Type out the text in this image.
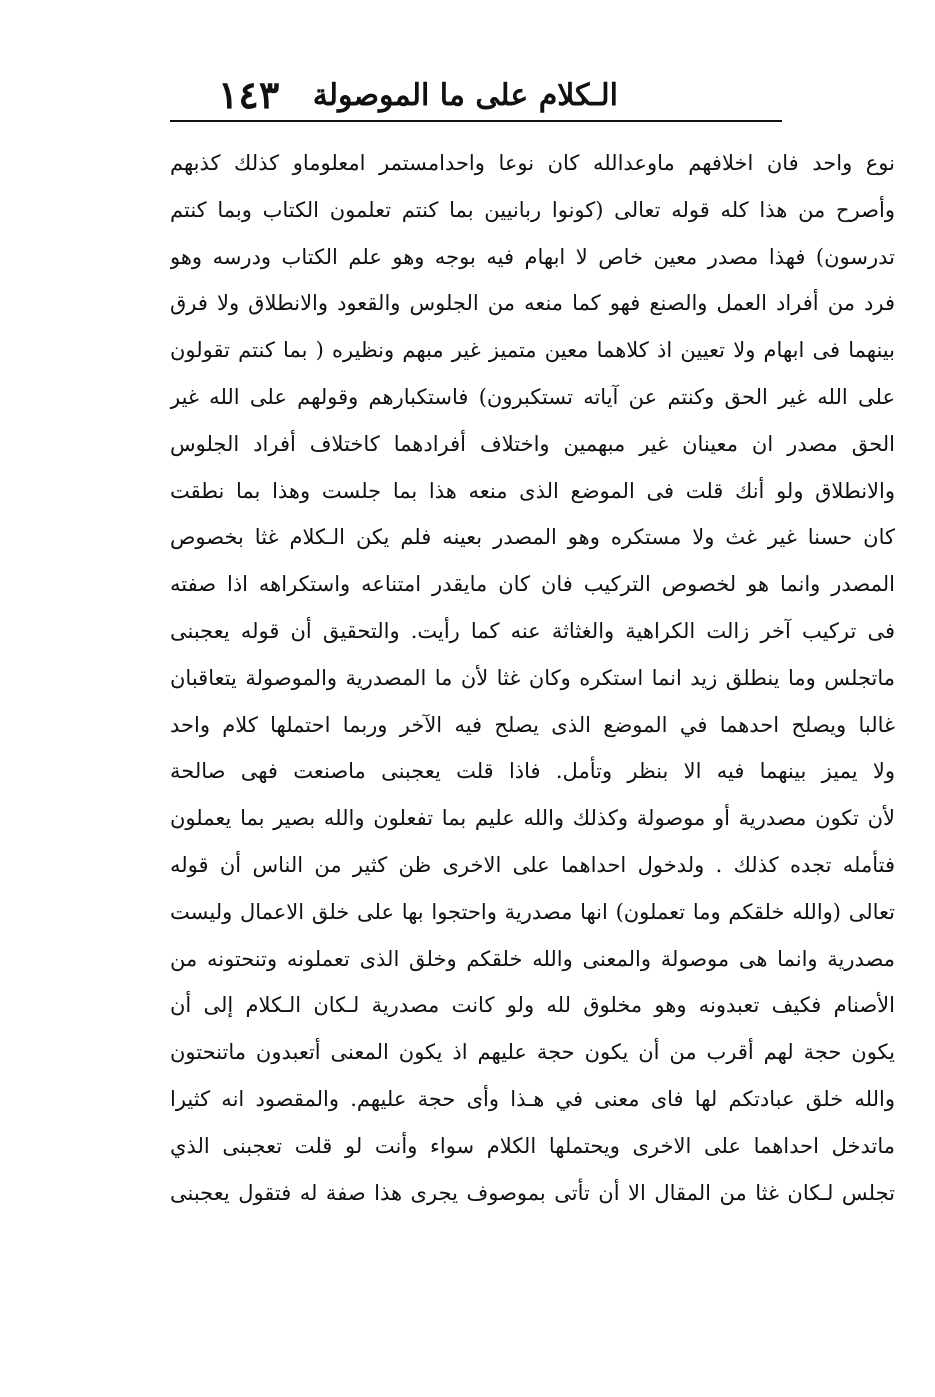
الـكلام على ما الموصولة
١٤٣
نوع واحد فان اخلافهم ماوعدالله كان نوعا واحدامستمر امعلوماو كذلك كذبهم
وأصرح من هذا كله قوله تعالى (كونوا ربانيين بما كنتم تعلمون الكتاب وبما كنتم
تدرسون) فهذا مصدر معين خاص لا ابهام فيه بوجه وهو علم الكتاب ودرسه وهو
فرد من أفراد العمل والصنع فهو كما منعه من الجلوس والقعود والانطلاق ولا فرق
بينهما فى ابهام ولا تعيين اذ كلاهما معين متميز غير مبهم ونظيره ( بما كنتم تقولون
على الله غير الحق وكنتم عن آياته تستكبرون) فاستكبارهم وقولهم على الله غير
الحق مصدر ان معينان غير مبهمين واختلاف أفرادهما كاختلاف أفراد الجلوس
والانطلاق ولو أنك قلت فى الموضع الذى منعه هذا بما جلست وهذا بما نطقت
كان حسنا غير غث ولا مستكره وهو المصدر بعينه فلم يكن الـكلام غثا بخصوص
المصدر وانما هو لخصوص التركيب فان كان مايقدر امتناعه واستكراهه اذا صفته
فى تركيب آخر زالت الكراهية والغثاثة عنه كما رأيت. والتحقيق أن قوله يعجبنى
ماتجلس وما ينطلق زيد انما استكره وكان غثا لأن ما المصدرية والموصولة يتعاقبان
غالبا ويصلح احدهما في الموضع الذى يصلح فيه الآخر وربما احتملها كلام واحد
ولا يميز بينهما فيه الا بنظر وتأمل. فاذا قلت يعجبنى ماصنعت فهى صالحة
لأن تكون مصدرية أو موصولة وكذلك والله عليم بما تفعلون والله بصير بما يعملون
فتأمله تجده كذلك . ولدخول احداهما على الاخرى ظن كثير من الناس أن قوله
تعالى (والله خلقكم وما تعملون) انها مصدرية واحتجوا بها على خلق الاعمال وليست
مصدرية وانما هى موصولة والمعنى والله خلقكم وخلق الذى تعملونه وتنحتونه من
الأصنام فكيف تعبدونه وهو مخلوق لله ولو كانت مصدرية لـكان الـكلام إلى أن
يكون حجة لهم أقرب من أن يكون حجة عليهم اذ يكون المعنى أتعبدون ماتنحتون
والله خلق عبادتكم لها فاى معنى في هـذا وأى حجة عليهم. والمقصود انه كثيرا
ماتدخل احداهما على الاخرى ويحتملها الكلام سواء وأنت لو قلت تعجبنى الذي
تجلس لـكان غثا من المقال الا أن تأتى بموصوف يجرى هذا صفة له فتقول يعجبنى
